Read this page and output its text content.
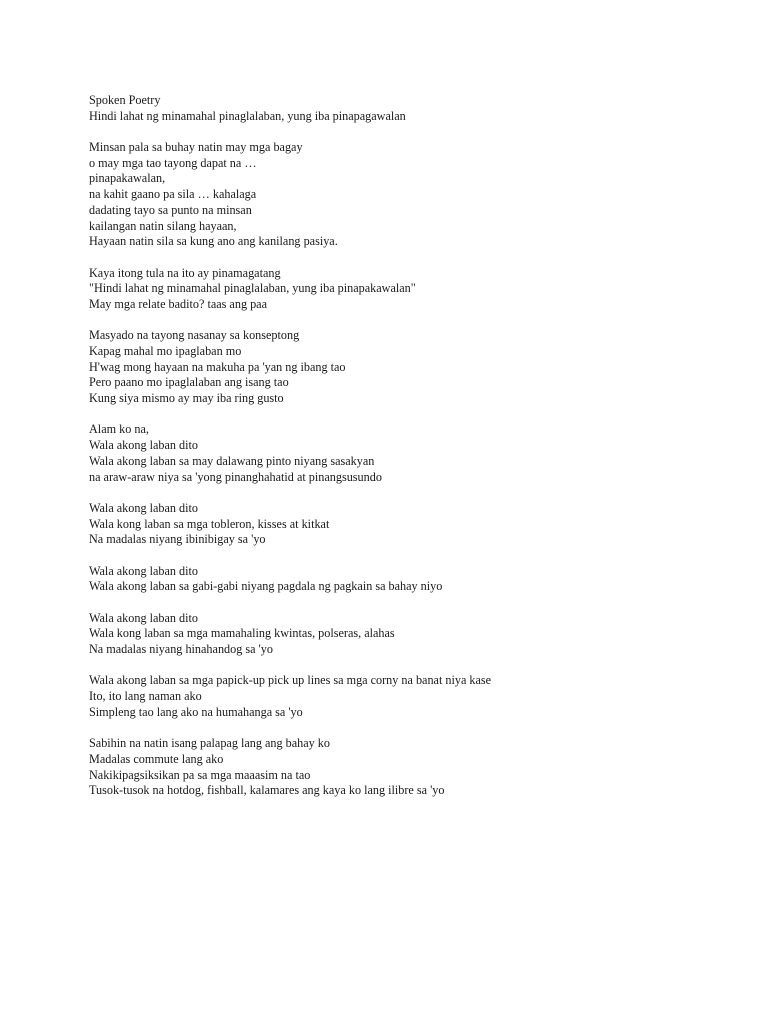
Spoken Poetry
Hindi lahat ng minamahal pinaglalaban, yung iba pinapagawalan
Minsan pala sa buhay natin may mga bagay
o may mga tao tayong dapat na …
pinapakawalan,
na kahit gaano pa sila … kahalaga
dadating tayo sa punto na minsan
kailangan natin silang hayaan,
Hayaan natin sila sa kung ano ang kanilang pasiya.
Kaya itong tula na ito ay pinamagatang
"Hindi lahat ng minamahal pinaglalaban, yung iba pinapakawalan"
May mga relate badito? taas ang paa
Masyado na tayong nasanay sa konseptong
Kapag mahal mo ipaglaban mo
H'wag mong hayaan na makuha pa 'yan ng ibang tao
Pero paano mo ipaglalaban ang isang tao
Kung siya mismo ay may iba ring gusto
Alam ko na,
Wala akong laban dito
Wala akong laban sa may dalawang pinto niyang sasakyan
na araw-araw niya sa 'yong pinanghahatid at pinangsusundo
Wala akong laban dito
Wala kong laban sa mga tobleron, kisses at kitkat
Na madalas niyang ibinibigay sa 'yo
Wala akong laban dito
Wala akong laban sa gabi-gabi niyang pagdala ng pagkain sa bahay niyo
Wala akong laban dito
Wala kong laban sa mga mamahaling kwintas, polseras, alahas
Na madalas niyang hinahandog sa 'yo
Wala akong laban sa mga papick-up pick up lines sa mga corny na banat niya kase
Ito, ito lang naman ako
Simpleng tao lang ako na humahanga sa 'yo
Sabihin na natin isang palapag lang ang bahay ko
Madalas commute lang ako
Nakikipagsiksikan pa sa mga maaasim na tao
Tusok-tusok na hotdog, fishball, kalamares ang kaya ko lang ilibre sa 'yo
